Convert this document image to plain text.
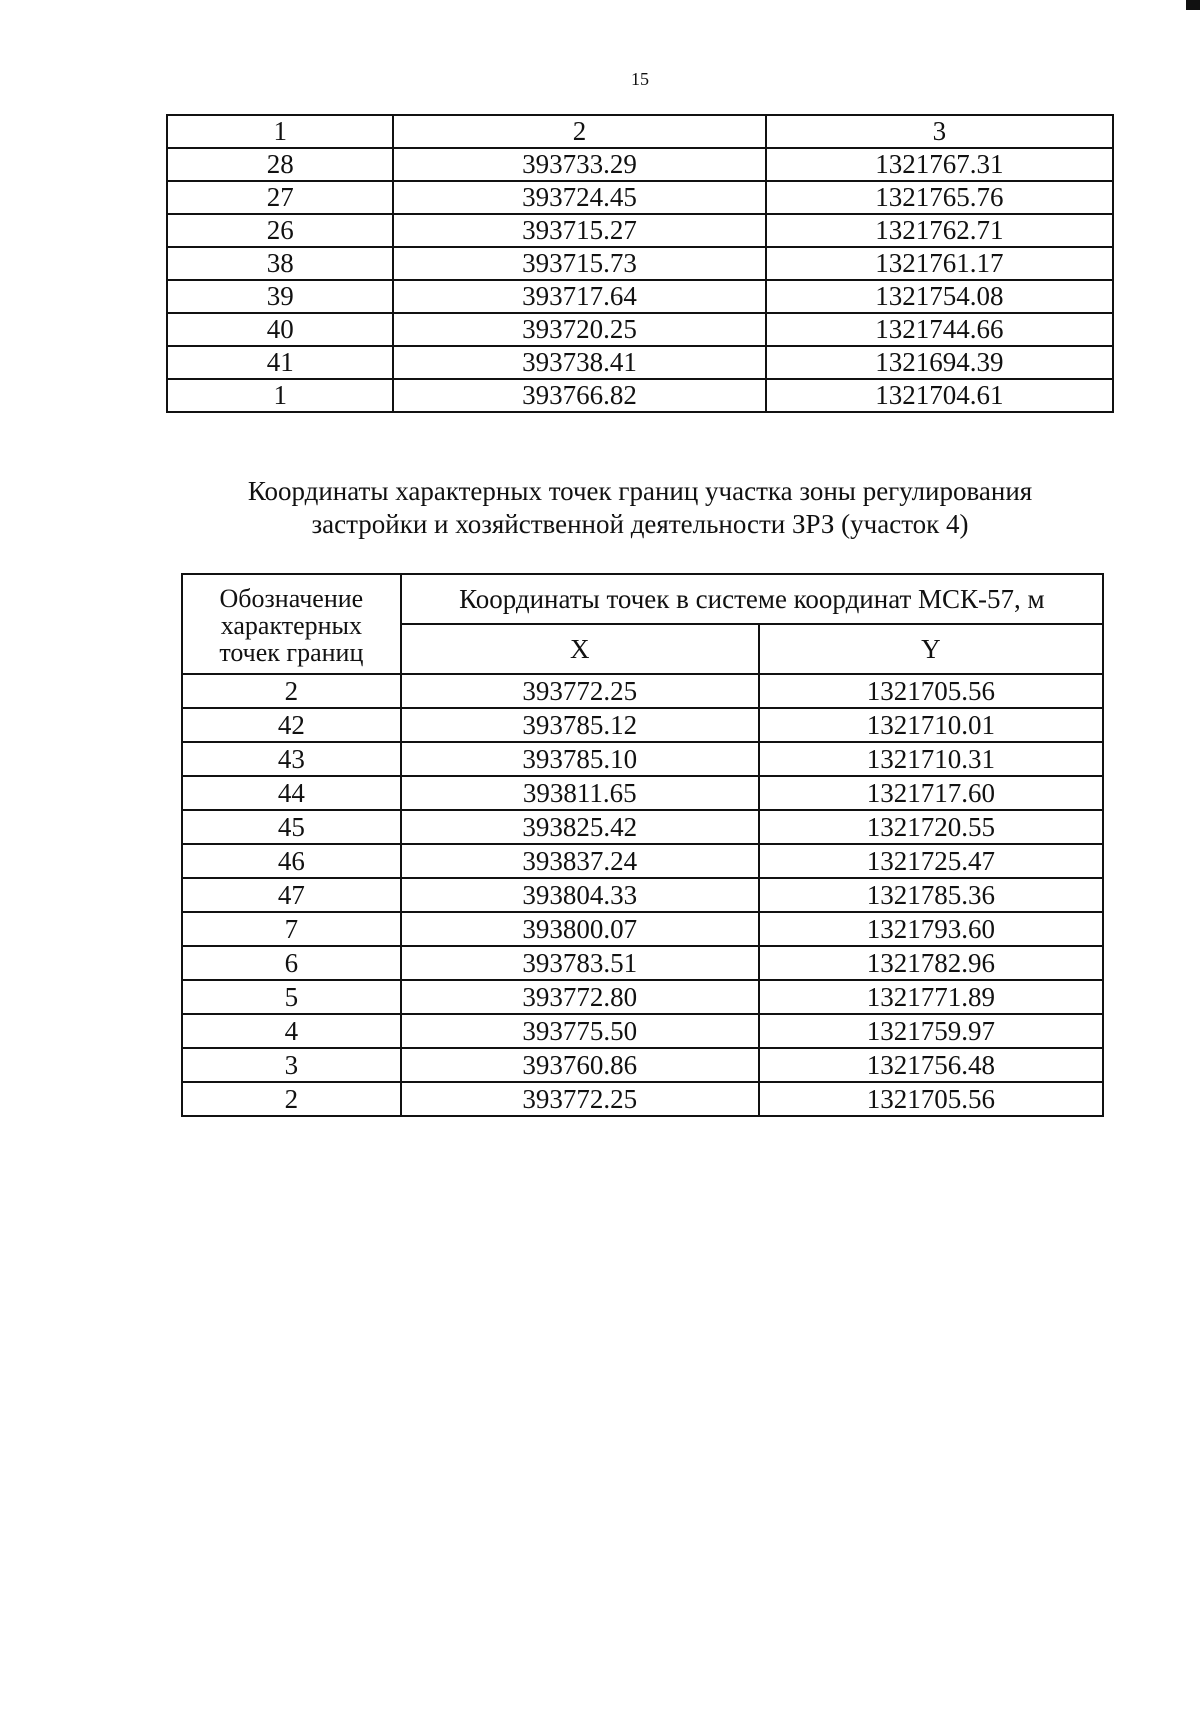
15
1	2	3
28	393733.29	1321767.31
27	393724.45	1321765.76
26	393715.27	1321762.71
38	393715.73	1321761.17
39	393717.64	1321754.08
40	393720.25	1321744.66
41	393738.41	1321694.39
1	393766.82	1321704.61
Координаты характерных точек границ участка зоны регулирования
застройки и хозяйственной деятельности ЗРЗ (участок 4)
Обозначение
характерных
точек границ	Координаты точек в системе координат МСК-57, м	
	X	Y
2	393772.25	1321705.56
42	393785.12	1321710.01
43	393785.10	1321710.31
44	393811.65	1321717.60
45	393825.42	1321720.55
46	393837.24	1321725.47
47	393804.33	1321785.36
7	393800.07	1321793.60
6	393783.51	1321782.96
5	393772.80	1321771.89
4	393775.50	1321759.97
3	393760.86	1321756.48
2	393772.25	1321705.56
